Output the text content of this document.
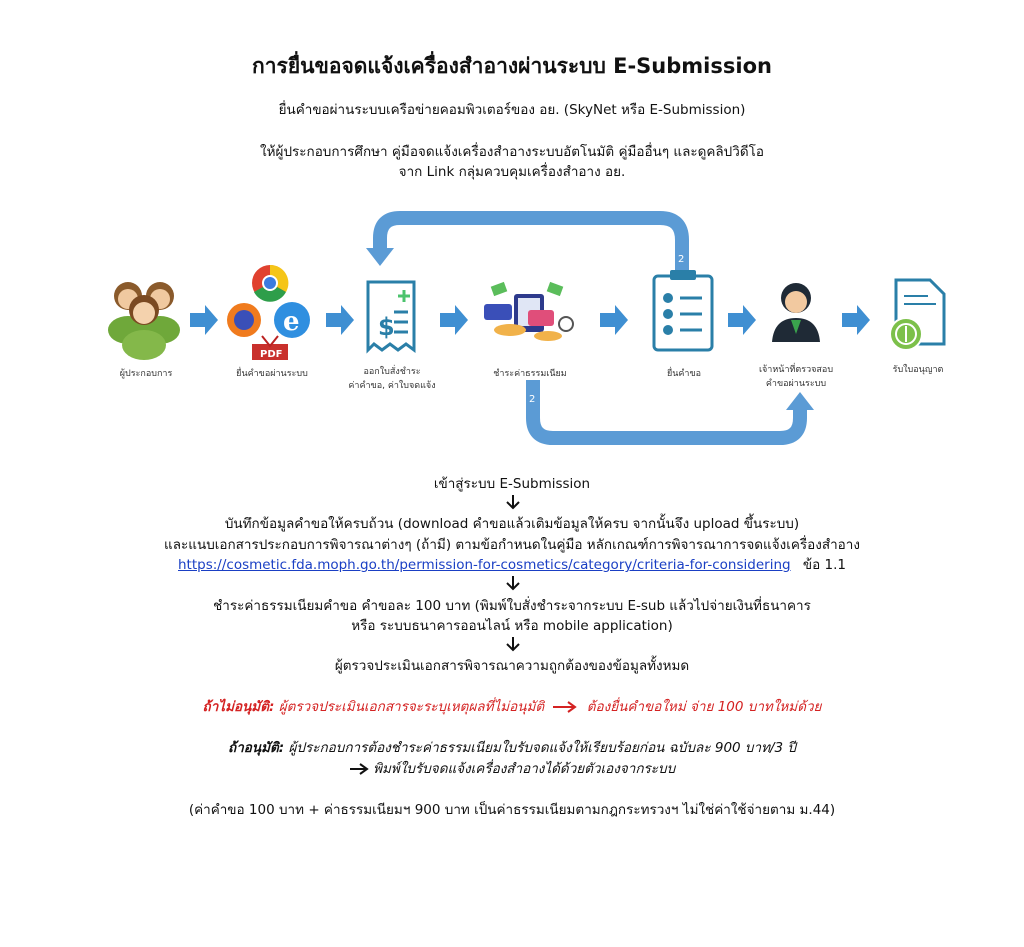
การยื่นขอจดแจ้งเครื่องสำอางผ่านระบบ E-Submission
ยื่นคำขอผ่านระบบเครือข่ายคอมพิวเตอร์ของ อย. (SkyNet หรือ E-Submission)
ให้ผู้ประกอบการศึกษา คู่มือจดแจ้งเครื่องสำอางระบบอัตโนมัติ คู่มืออื่นๆ และดูคลิปวิดีโอ
จาก Link กลุ่มควบคุมเครื่องสำอาง อย.
2
2
e
PDF
$
ผู้ประกอบการ	ยื่นคำขอผ่านระบบ	ออกใบสั่งชำระ
ค่าคำขอ, ค่าใบจดแจ้ง
ชำระค่าธรรมเนียม	ยื่นคำขอ	เจ้าหน้าที่ตรวจสอบ
คำขอผ่านระบบ
รับใบอนุญาต
เข้าสู่ระบบ E-Submission
บันทึกข้อมูลคำขอให้ครบถ้วน (download คำขอแล้วเติมข้อมูลให้ครบ จากนั้นจึง upload ขึ้นระบบ)
และแนบเอกสารประกอบการพิจารณาต่างๆ (ถ้ามี) ตามข้อกำหนดในคู่มือ หลักเกณฑ์การพิจารณาการจดแจ้งเครื่องสำอาง
https://cosmetic.fda.moph.go.th/permission-for-cosmetics/category/criteria-for-considering ข้อ 1.1
ชำระค่าธรรมเนียมคำขอ คำขอละ 100 บาท (พิมพ์ใบสั่งชำระจากระบบ E-sub แล้วไปจ่ายเงินที่ธนาคาร
หรือ ระบบธนาคารออนไลน์ หรือ mobile application)
ผู้ตรวจประเมินเอกสารพิจารณาความถูกต้องของข้อมูลทั้งหมด
ถ้าไม่อนุมัติ: ผู้ตรวจประเมินเอกสารจะระบุเหตุผลที่ไม่อนุมัติ	ต้องยื่นคำขอใหม่ จ่าย 100 บาทใหม่ด้วย
ถ้าอนุมัติ: ผู้ประกอบการต้องชำระค่าธรรมเนียมใบรับจดแจ้งให้เรียบร้อยก่อน ฉบับละ 900 บาท/3 ปี
พิมพ์ใบรับจดแจ้งเครื่องสำอางได้ด้วยตัวเองจากระบบ
(ค่าคำขอ 100 บาท + ค่าธรรมเนียมฯ 900 บาท เป็นค่าธรรมเนียมตามกฎกระทรวงฯ ไม่ใช่ค่าใช้จ่ายตาม ม.44)
